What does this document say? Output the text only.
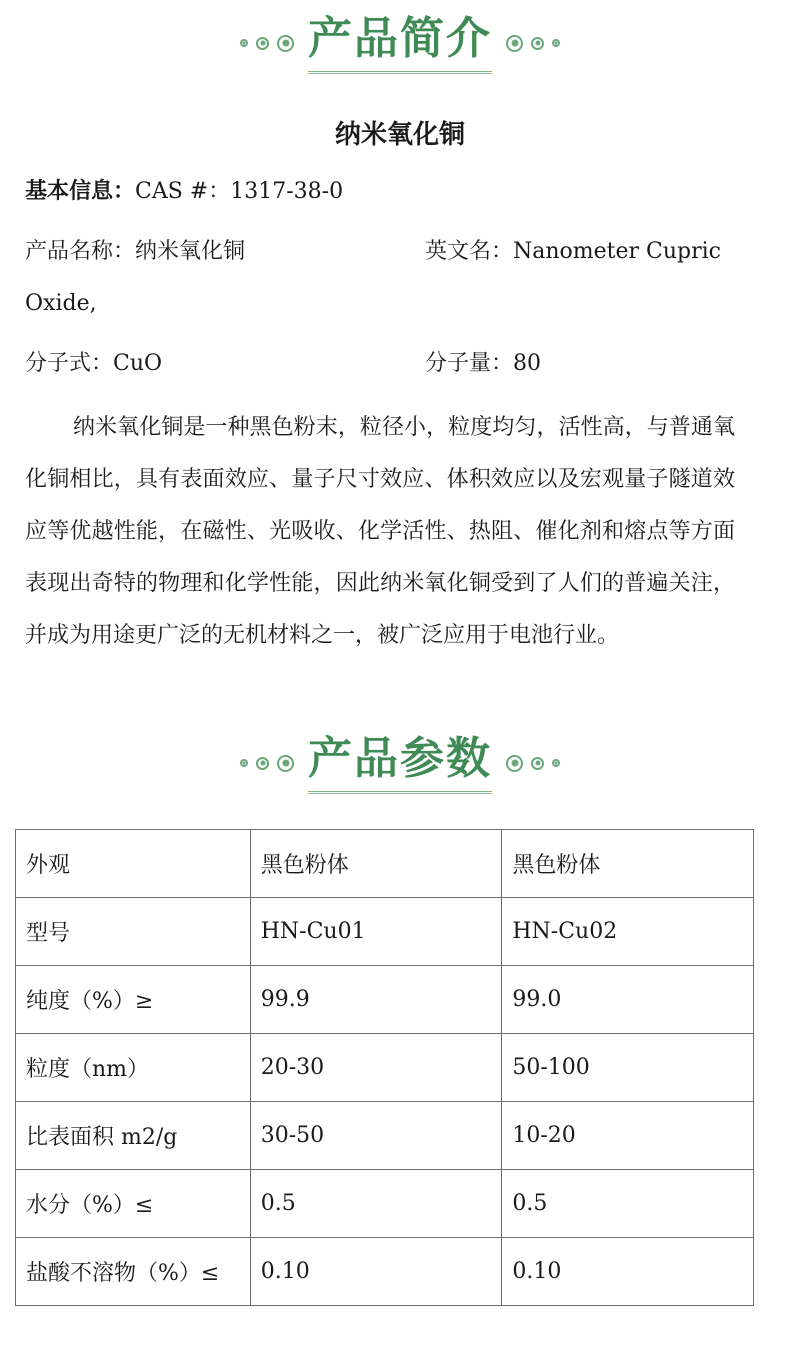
产品简介
纳米氧化铜
基本信息：CAS #：1317-38-0
产品名称：纳米氧化铜	英文名：Nanometer Cupric
Oxide,
分子式：CuO	分子量：80
纳米氧化铜是一种黑色粉末，粒径小，粒度均匀，活性高，与普通氧化铜相比，具有表面效应、量子尺寸效应、体积效应以及宏观量子隧道效应等优越性能，在磁性、光吸收、化学活性、热阻、催化剂和熔点等方面表现出奇特的物理和化学性能，因此纳米氧化铜受到了人们的普遍关注，并成为用途更广泛的无机材料之一，被广泛应用于电池行业。
产品参数
外观	黑色粉体	黑色粉体
型号	HN-Cu01	HN-Cu02
纯度（%）≥	99.9	99.0
粒度（nm）	20-30	50-100
比表面积 m2/g	30-50	10-20
水分（%）≤	0.5	0.5
盐酸不溶物（%）≤	0.10	0.10
